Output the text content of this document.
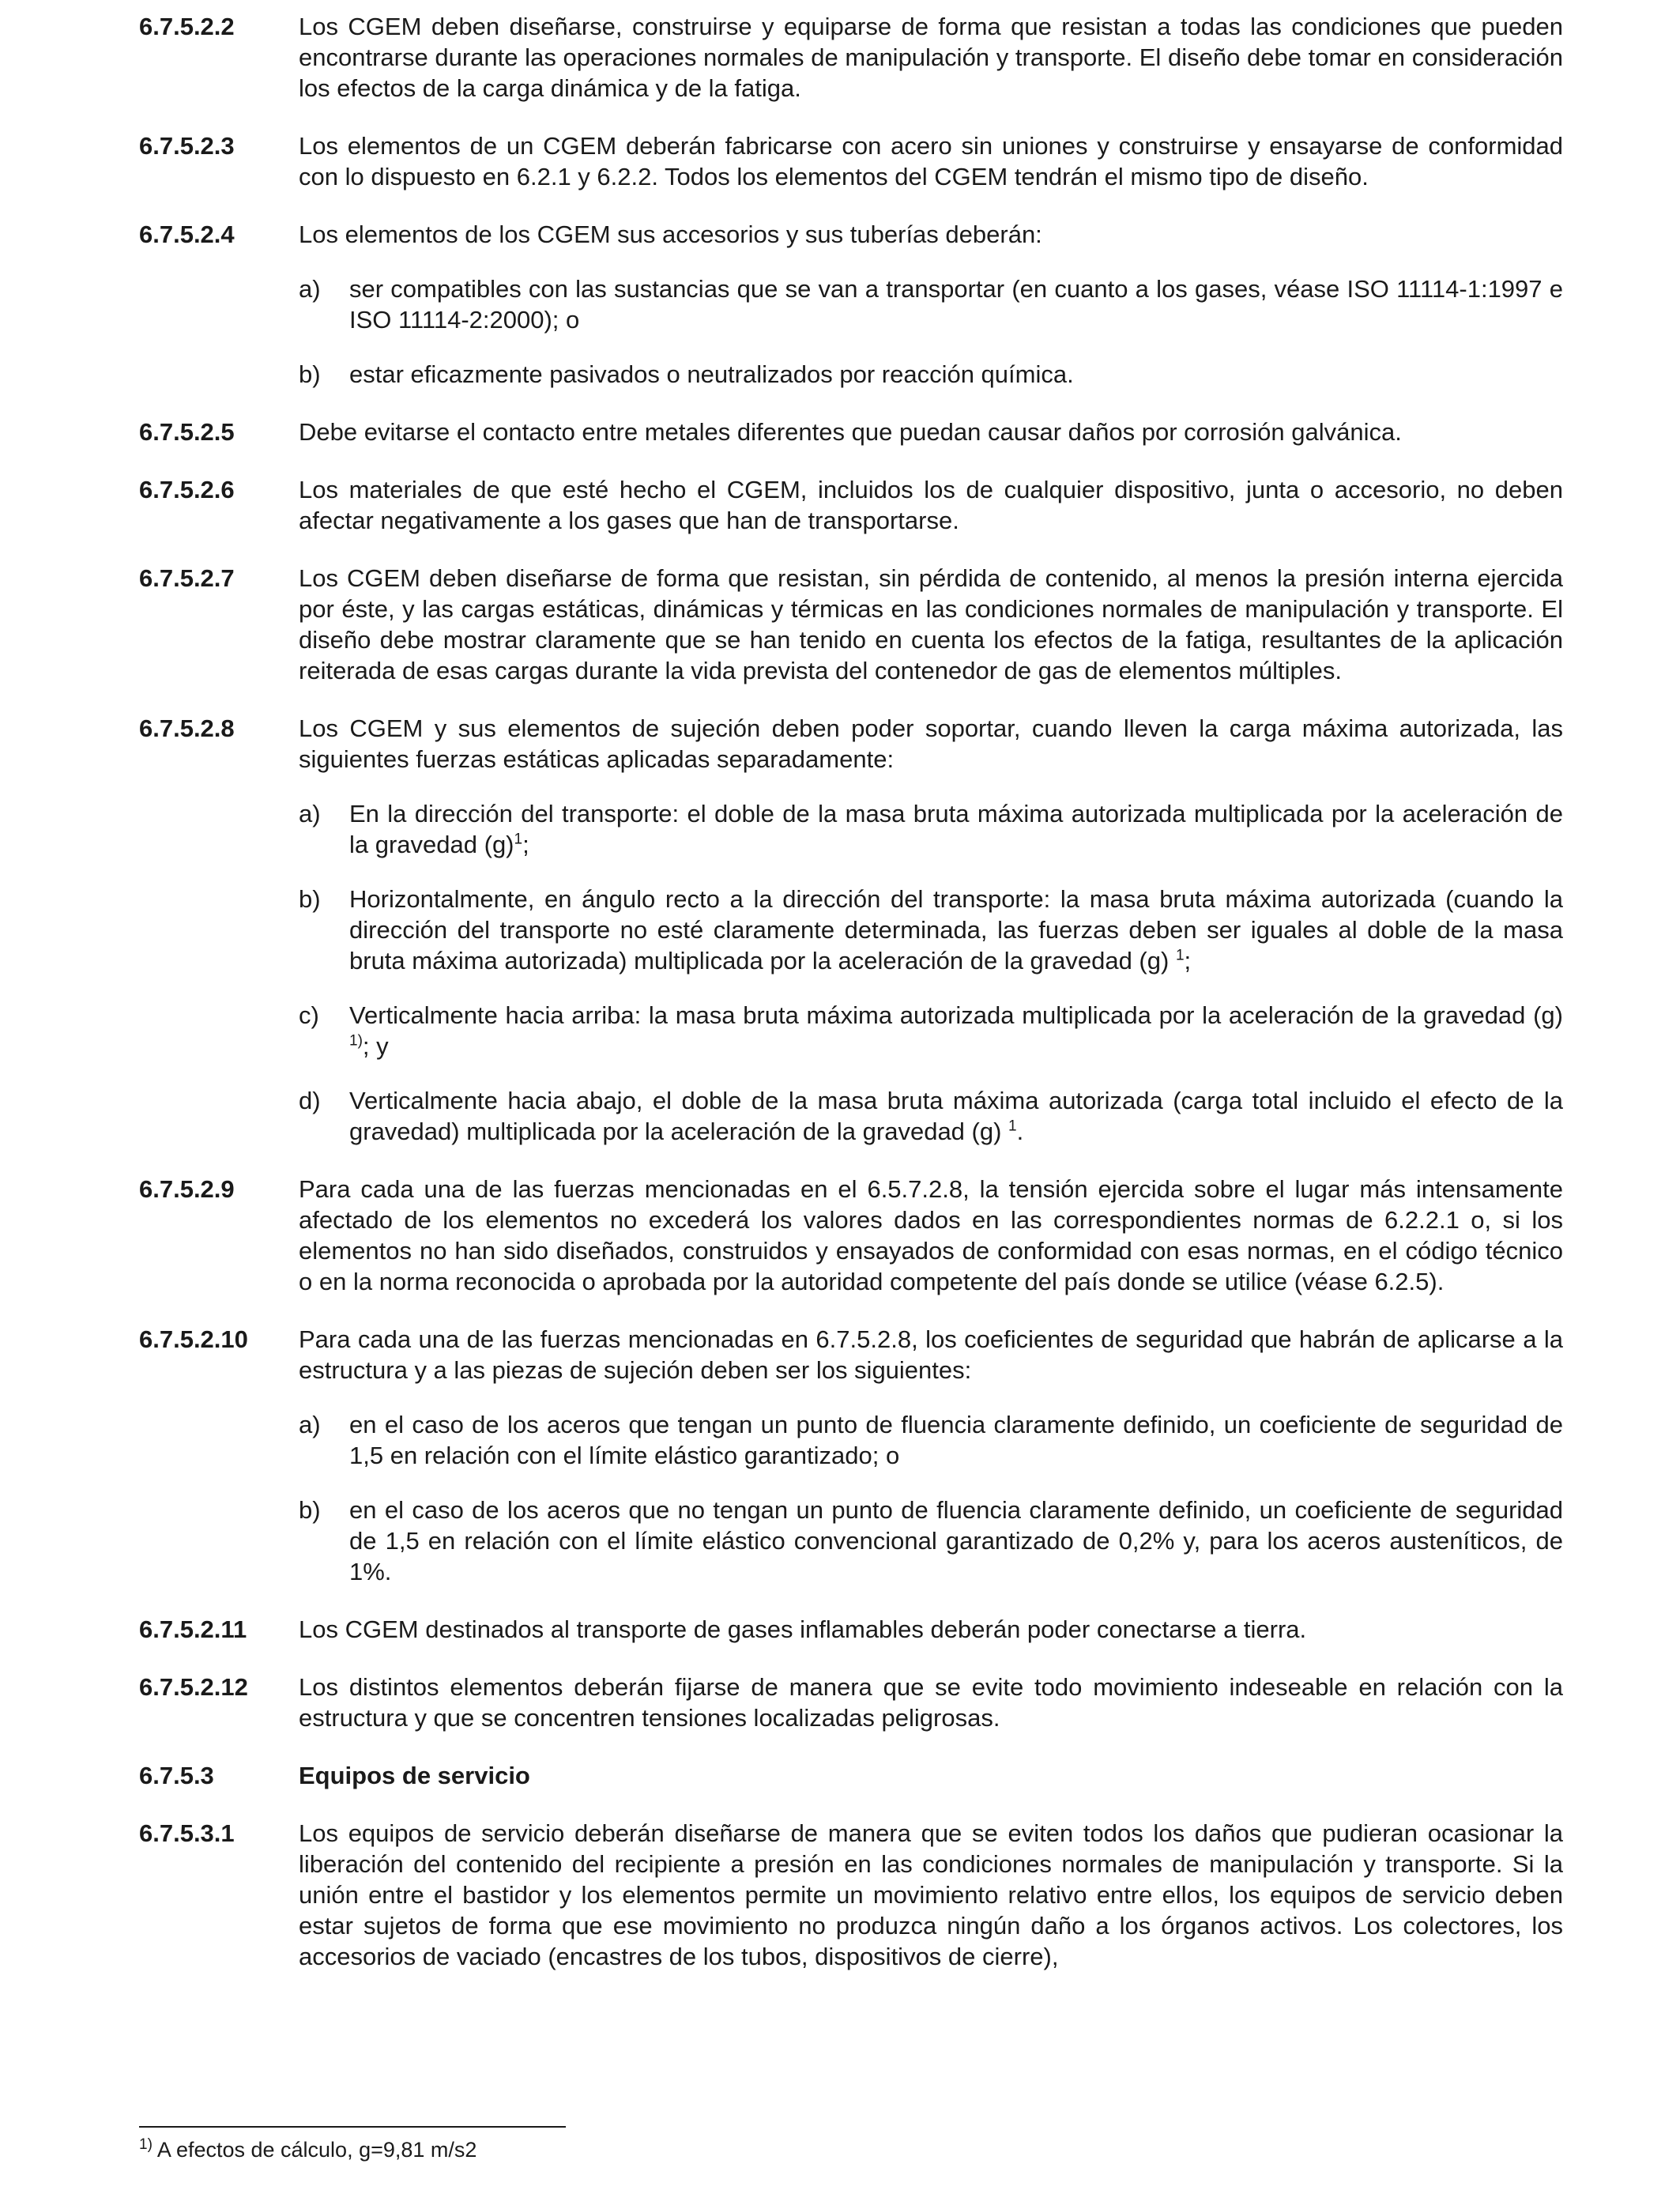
6.7.5.2.2	Los CGEM deben diseñarse, construirse y equiparse de forma que resistan a todas las condiciones que pueden encontrarse durante las operaciones normales de manipulación y transporte. El diseño debe tomar en consideración los efectos de la carga dinámica y de la fatiga.
6.7.5.2.3	Los elementos de un CGEM deberán fabricarse con acero sin uniones y construirse y ensayarse de conformidad con lo dispuesto en 6.2.1 y 6.2.2. Todos los elementos del CGEM tendrán el mismo tipo de diseño.
6.7.5.2.4	Los elementos de los CGEM sus accesorios y sus tuberías deberán:
a)	ser compatibles con las sustancias que se van a transportar (en cuanto a los gases, véase ISO 11114-1:1997 e ISO 11114-2:2000); o
b)	estar eficazmente pasivados o neutralizados por reacción química.
6.7.5.2.5	Debe evitarse el contacto entre metales diferentes que puedan causar daños por corrosión galvánica.
6.7.5.2.6	Los materiales de que esté hecho el CGEM, incluidos los de cualquier dispositivo, junta o accesorio, no deben afectar negativamente a los gases que han de transportarse.
6.7.5.2.7	Los CGEM deben diseñarse de forma que resistan, sin pérdida de contenido, al menos la presión interna ejercida por éste, y las cargas estáticas, dinámicas y térmicas en las condiciones normales de manipulación y transporte. El diseño debe mostrar claramente que se han tenido en cuenta los efectos de la fatiga, resultantes de la aplicación reiterada de esas cargas durante la vida prevista del contenedor de gas de elementos múltiples.
6.7.5.2.8	Los CGEM y sus elementos de sujeción deben poder soportar, cuando lleven la carga máxima autorizada, las siguientes fuerzas estáticas aplicadas separadamente:
a)	En la dirección del transporte: el doble de la masa bruta máxima autorizada multiplicada por la aceleración de la gravedad $(g)^1$;
b)	Horizontalmente, en ángulo recto a la dirección del transporte: la masa bruta máxima autorizada (cuando la dirección del transporte no esté claramente determinada, las fuerzas deben ser iguales al doble de la masa bruta máxima autorizada) multiplicada por la aceleración de la gravedad (g) $^1$;
c)	Verticalmente hacia arriba: la masa bruta máxima autorizada multiplicada por la aceleración de la gravedad (g) $^{1)}$; y
d)	Verticalmente hacia abajo, el doble de la masa bruta máxima autorizada (carga total incluido el efecto de la gravedad) multiplicada por la aceleración de la gravedad (g) $^1$.
6.7.5.2.9	Para cada una de las fuerzas mencionadas en el 6.5.7.2.8, la tensión ejercida sobre el lugar más intensamente afectado de los elementos no excederá los valores dados en las correspondientes normas de 6.2.2.1 o, si los elementos no han sido diseñados, construidos y ensayados de conformidad con esas normas, en el código técnico o en la norma reconocida o aprobada por la autoridad competente del país donde se utilice (véase 6.2.5).
6.7.5.2.10	Para cada una de las fuerzas mencionadas en 6.7.5.2.8, los coeficientes de seguridad que habrán de aplicarse a la estructura y a las piezas de sujeción deben ser los siguientes:
a)	en el caso de los aceros que tengan un punto de fluencia claramente definido, un coeficiente de seguridad de 1,5 en relación con el límite elástico garantizado; o
b)	en el caso de los aceros que no tengan un punto de fluencia claramente definido, un coeficiente de seguridad de 1,5 en relación con el límite elástico convencional garantizado de 0,2% y, para los aceros austeníticos, de 1%.
6.7.5.2.11	Los CGEM destinados al transporte de gases inflamables deberán poder conectarse a tierra.
6.7.5.2.12	Los distintos elementos deberán fijarse de manera que se evite todo movimiento indeseable en relación con la estructura y que se concentren tensiones localizadas peligrosas.
6.7.5.3	Equipos de servicio
6.7.5.3.1	Los equipos de servicio deberán diseñarse de manera que se eviten todos los daños que pudieran ocasionar la liberación del contenido del recipiente a presión en las condiciones normales de manipulación y transporte. Si la unión entre el bastidor y los elementos permite un movimiento relativo entre ellos, los equipos de servicio deben estar sujetos de forma que ese movimiento no produzca ningún daño a los órganos activos. Los colectores, los accesorios de vaciado (encastres de los tubos, dispositivos de cierre),
$^{1)}$ A efectos de cálculo, g=9,81 m/s2
